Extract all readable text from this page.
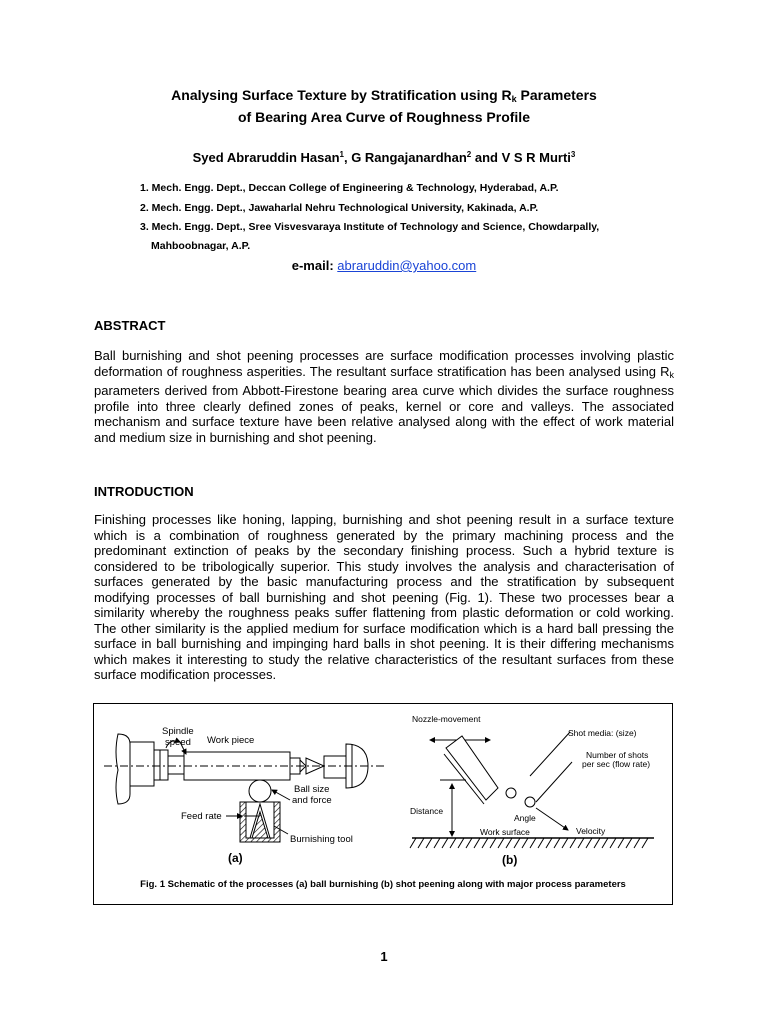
Analysing Surface Texture by Stratification using $R_k$ Parameters
of Bearing Area Curve of Roughness Profile
Syed Abraruddin Hasan$^1$, G Rangajanardhan$^2$ and V S R Murti$^3$
1. Mech. Engg. Dept., Deccan College of Engineering & Technology, Hyderabad, A.P.
2. Mech. Engg. Dept., Jawaharlal Nehru Technological University, Kakinada, A.P.
3. Mech. Engg. Dept., Sree Visvesvaraya Institute of Technology and Science, Chowdarpally,
Mahboobnagar, A.P.
e-mail: abraruddin@yahoo.com
ABSTRACT
Ball burnishing and shot peening processes are surface modification processes involving plastic deformation of roughness asperities. The resultant surface stratification has been analysed using $R_k$ parameters derived from Abbott-Firestone bearing area curve which divides the surface roughness profile into three clearly defined zones of peaks, kernel or core and valleys. The associated mechanism and surface texture have been relative analysed along with the effect of work material and medium size in burnishing and shot peening.
INTRODUCTION
Finishing processes like honing, lapping, burnishing and shot peening result in a surface texture which is a combination of roughness generated by the primary machining process and the predominant extinction of peaks by the secondary finishing process. Such a hybrid texture is considered to be tribologically superior. This study involves the analysis and characterisation of surfaces generated by the basic manufacturing process and the stratification by subsequent modifying processes of ball burnishing and shot peening (Fig. 1). These two processes bear a similarity whereby the roughness peaks suffer flattening from plastic deformation or cold working. The other similarity is the applied medium for surface modification which is a hard ball pressing the surface in ball burnishing and impinging hard balls in shot peening. It is their differing mechanisms which makes it interesting to study the relative characteristics of the resultant surfaces from these surface modification processes.
Spindle
speed Work piece
Ball size
and force
Feed rate
Burnishing tool
(a)
Nozzle-movement
Shot media: (size)
Number of shots
per sec (flow rate)
Distance
Angle
Velocity
Work surface
(b)
Fig. 1 Schematic of the processes (a) ball burnishing (b) shot peening along with major process parameters
1
